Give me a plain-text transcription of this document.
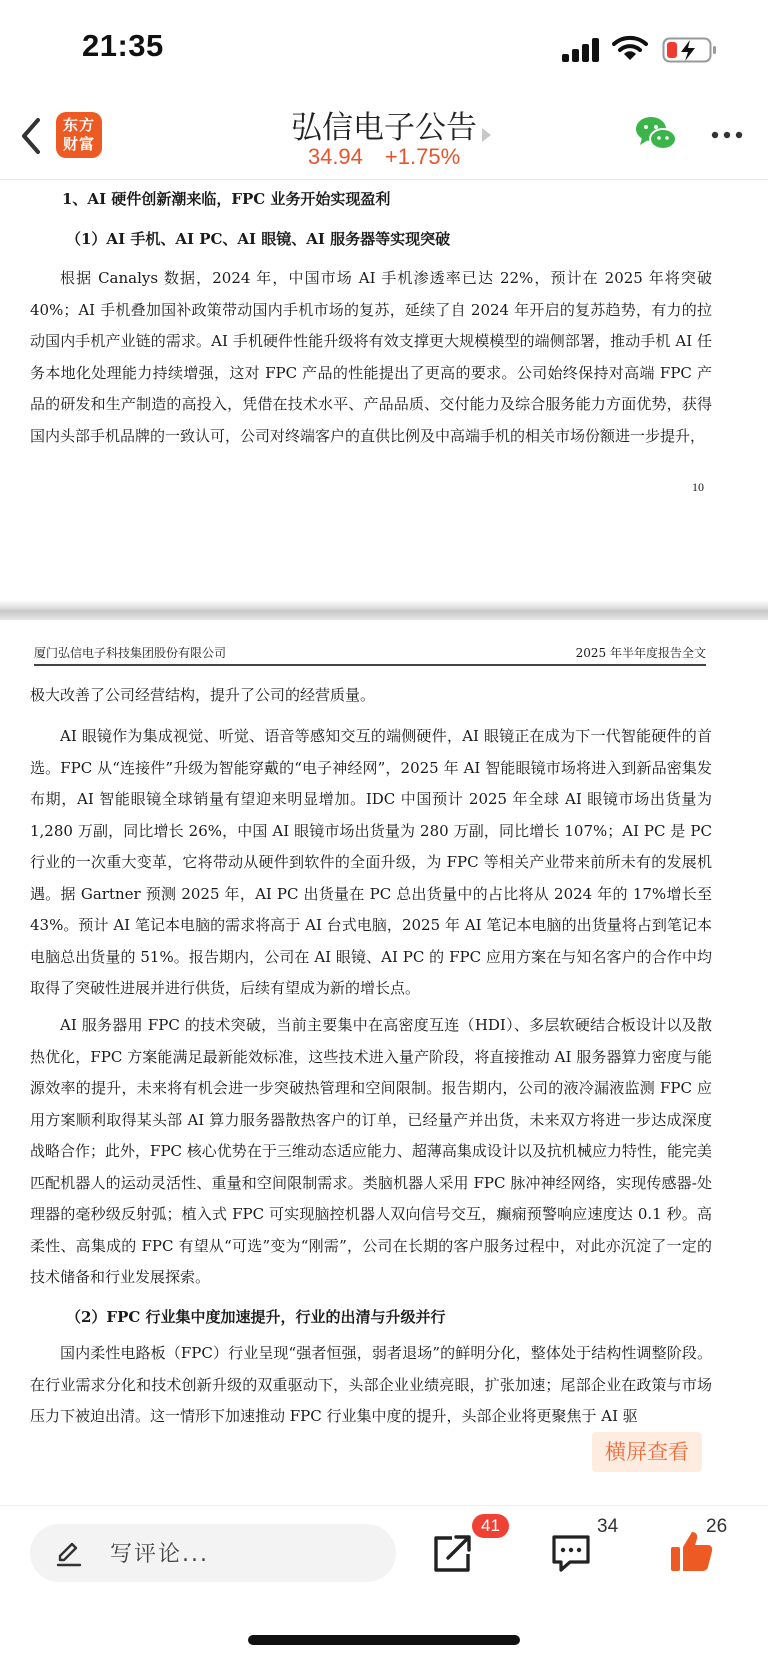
21:35
东方财富	弘信电子公告
34.94 +1.75%
1、AI 硬件创新潮来临，FPC 业务开始实现盈利
（1）AI 手机、AI PC、AI 眼镜、AI 服务器等实现突破
根据 Canalys 数据，2024 年，中国市场 AI 手机渗透率已达 22%，预计在 2025 年将突破 40%；AI 手机叠加国补政策带动国内手机市场的复苏，延续了自 2024 年开启的复苏趋势，有力的拉动国内手机产业链的需求。AI 手机硬件性能升级将有效支撑更大规模模型的端侧部署，推动手机 AI 任务本地化处理能力持续增强，这对 FPC 产品的性能提出了更高的要求。公司始终保持对高端 FPC 产品的研发和生产制造的高投入，凭借在技术水平、产品品质、交付能力及综合服务能力方面优势，获得国内头部手机品牌的一致认可，公司对终端客户的直供比例及中高端手机的相关市场份额进一步提升，
10
厦门弘信电子科技集团股份有限公司	2025 年半年度报告全文
极大改善了公司经营结构，提升了公司的经营质量。
AI 眼镜作为集成视觉、听觉、语音等感知交互的端侧硬件，AI 眼镜正在成为下一代智能硬件的首选。FPC 从“连接件”升级为智能穿戴的“电子神经网”，2025 年 AI 智能眼镜市场将进入到新品密集发布期，AI 智能眼镜全球销量有望迎来明显增加。IDC 中国预计 2025 年全球 AI 眼镜市场出货量为 1,280 万副，同比增长 26%，中国 AI 眼镜市场出货量为 280 万副，同比增长 107%；AI PC 是 PC 行业的一次重大变革，它将带动从硬件到软件的全面升级，为 FPC 等相关产业带来前所未有的发展机遇。据 Gartner 预测 2025 年，AI PC 出货量在 PC 总出货量中的占比将从 2024 年的 17%增长至 43%。预计 AI 笔记本电脑的需求将高于 AI 台式电脑，2025 年 AI 笔记本电脑的出货量将占到笔记本电脑总出货量的 51%。报告期内，公司在 AI 眼镜、AI PC 的 FPC 应用方案在与知名客户的合作中均取得了突破性进展并进行供货，后续有望成为新的增长点。
AI 服务器用 FPC 的技术突破，当前主要集中在高密度互连（HDI）、多层软硬结合板设计以及散热优化，FPC 方案能满足最新能效标准，这些技术进入量产阶段，将直接推动 AI 服务器算力密度与能源效率的提升，未来将有机会进一步突破热管理和空间限制。报告期内，公司的液冷漏液监测 FPC 应用方案顺利取得某头部 AI 算力服务器散热客户的订单，已经量产并出货，未来双方将进一步达成深度战略合作；此外，FPC 核心优势在于三维动态适应能力、超薄高集成设计以及抗机械应力特性，能完美匹配机器人的运动灵活性、重量和空间限制需求。类脑机器人采用 FPC 脉冲神经网络，实现传感器-处理器的毫秒级反射弧；植入式 FPC 可实现脑控机器人双向信号交互，癫痫预警响应速度达 0.1 秒。高柔性、高集成的 FPC 有望从“可选”变为“刚需”，公司在长期的客户服务过程中，对此亦沉淀了一定的技术储备和行业发展探索。
（2）FPC 行业集中度加速提升，行业的出清与升级并行
国内柔性电路板（FPC）行业呈现“强者恒强，弱者退场”的鲜明分化，整体处于结构性调整阶段。在行业需求分化和技术创新升级的双重驱动下，头部企业业绩亮眼，扩张加速；尾部企业在政策与市场压力下被迫出清。这一情形下加速推动 FPC 行业集中度的提升，头部企业将更聚焦于 AI 驱
横屏查看
写评论...
41	34	26
